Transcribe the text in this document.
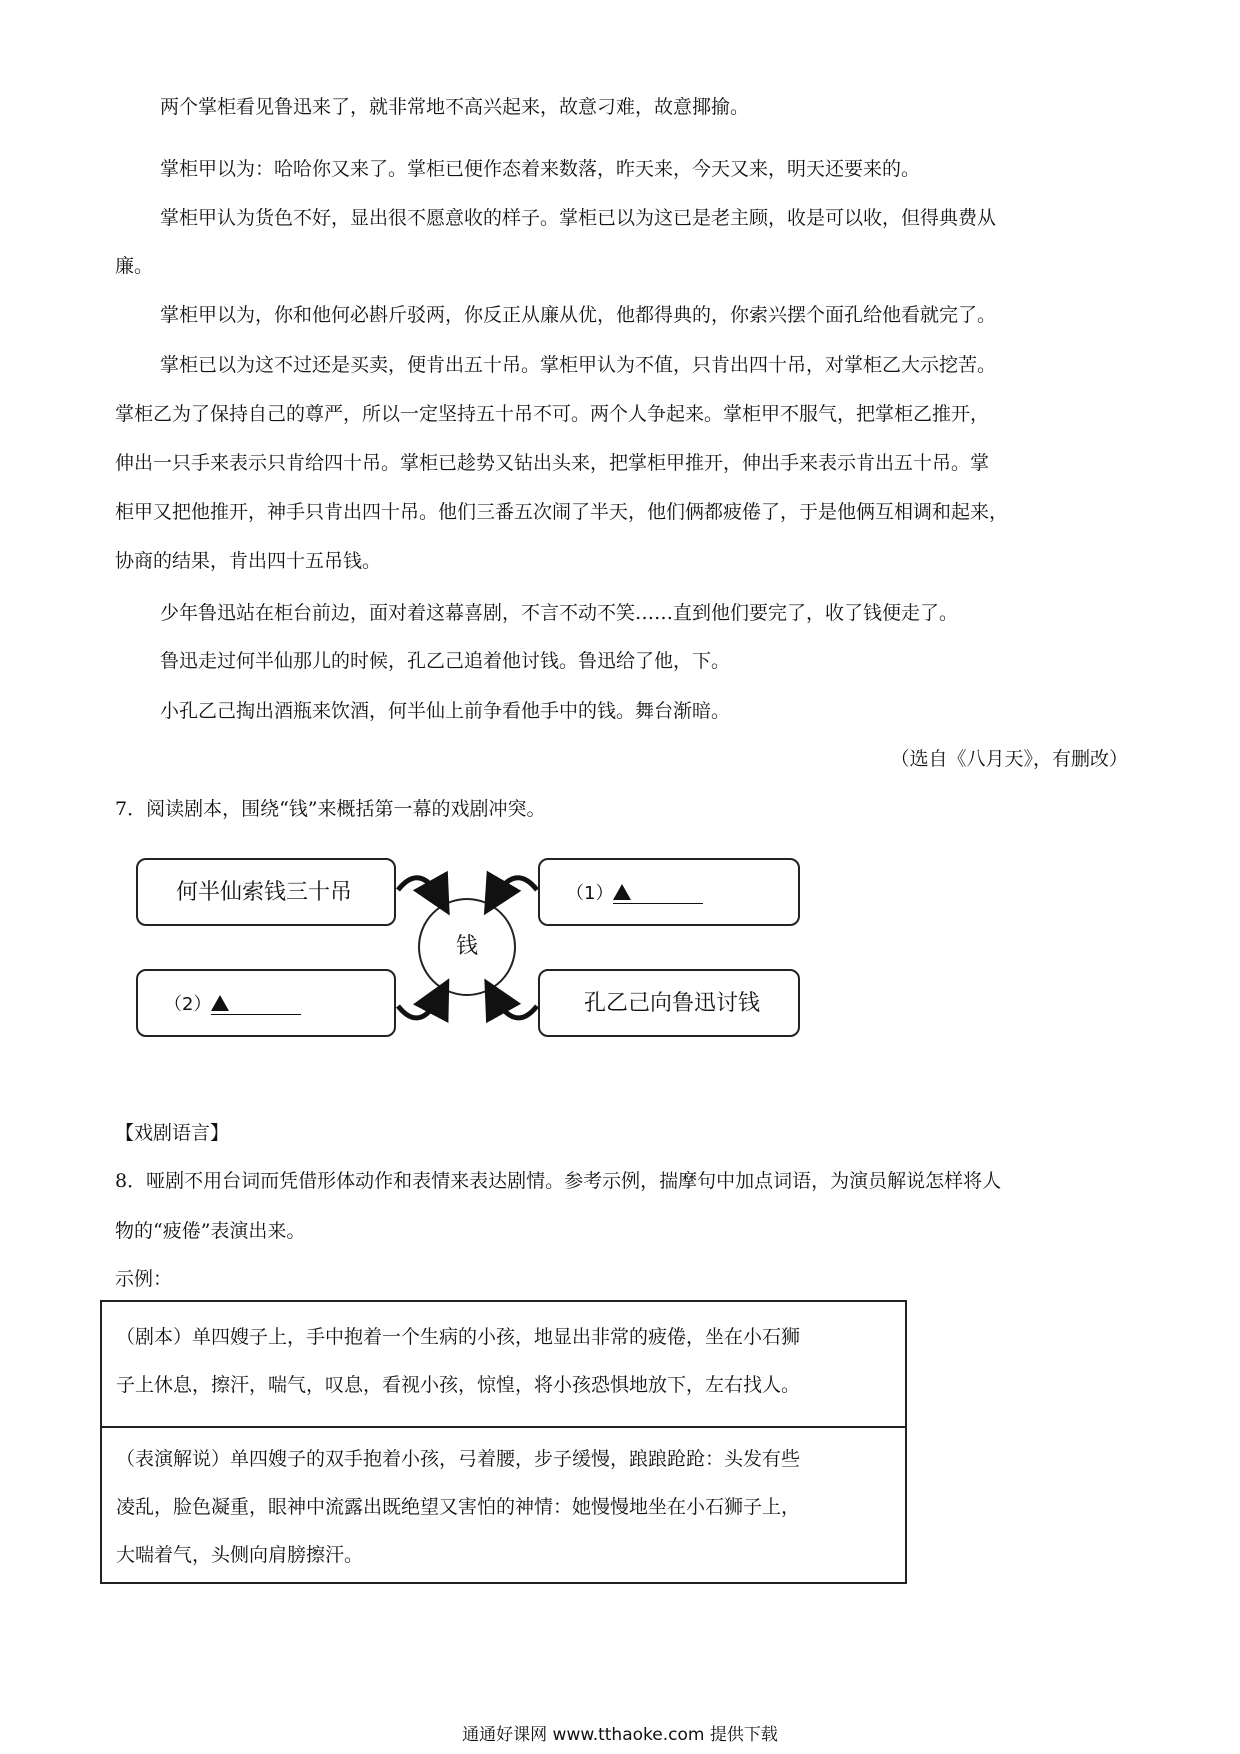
两个掌柜看见鲁迅来了，就非常地不高兴起来，故意刁难，故意揶揄。
掌柜甲以为：哈哈你又来了。掌柜已便作态着来数落，昨天来，今天又来，明天还要来的。
掌柜甲认为货色不好，显出很不愿意收的样子。掌柜已以为这已是老主顾，收是可以收，但得典费从
廉。
掌柜甲以为，你和他何必斟斤驳两，你反正从廉从优，他都得典的，你索兴摆个面孔给他看就完了。
掌柜已以为这不过还是买卖，便肯出五十吊。掌柜甲认为不值，只肯出四十吊，对掌柜乙大示挖苦。
掌柜乙为了保持自己的尊严，所以一定坚持五十吊不可。两个人争起来。掌柜甲不服气，把掌柜乙推开，
伸出一只手来表示只肯给四十吊。掌柜已趁势又钻出头来，把掌柜甲推开，伸出手来表示肯出五十吊。掌
柜甲又把他推开，神手只肯出四十吊。他们三番五次闹了半天，他们俩都疲倦了，于是他俩互相调和起来，
协商的结果，肯出四十五吊钱。
少年鲁迅站在柜台前边，面对着这幕喜剧，不言不动不笑……直到他们要完了，收了钱便走了。
鲁迅走过何半仙那儿的时候，孔乙己追着他讨钱。鲁迅给了他，下。
小孔乙己掏出酒瓶来饮酒，何半仙上前争看他手中的钱。舞台渐暗。
（选自《八月天》，有删改）
7．阅读剧本，围绕“钱”来概括第一幕的戏剧冲突。
何半仙索钱三十吊	（1）
（2）	孔乙己向鲁迅讨钱
钱
【戏剧语言】
8．哑剧不用台词而凭借形体动作和表情来表达剧情。参考示例，揣摩句中加点词语，为演员解说怎样将人
物的“疲倦”表演出来。
示例：
（剧本）单四嫂子上，手中抱着一个生病的小孩，地显出非常的疲倦，坐在小石狮
子上休息，擦汗，喘气，叹息，看视小孩，惊惶，将小孩恐惧地放下，左右找人。
（表演解说）单四嫂子的双手抱着小孩，弓着腰，步子缓慢，踉踉跄跄：头发有些
凌乱，脸色凝重，眼神中流露出既绝望又害怕的神情：她慢慢地坐在小石狮子上，
大喘着气，头侧向肩膀擦汗。
通通好课网 www.tthaoke.com 提供下载
